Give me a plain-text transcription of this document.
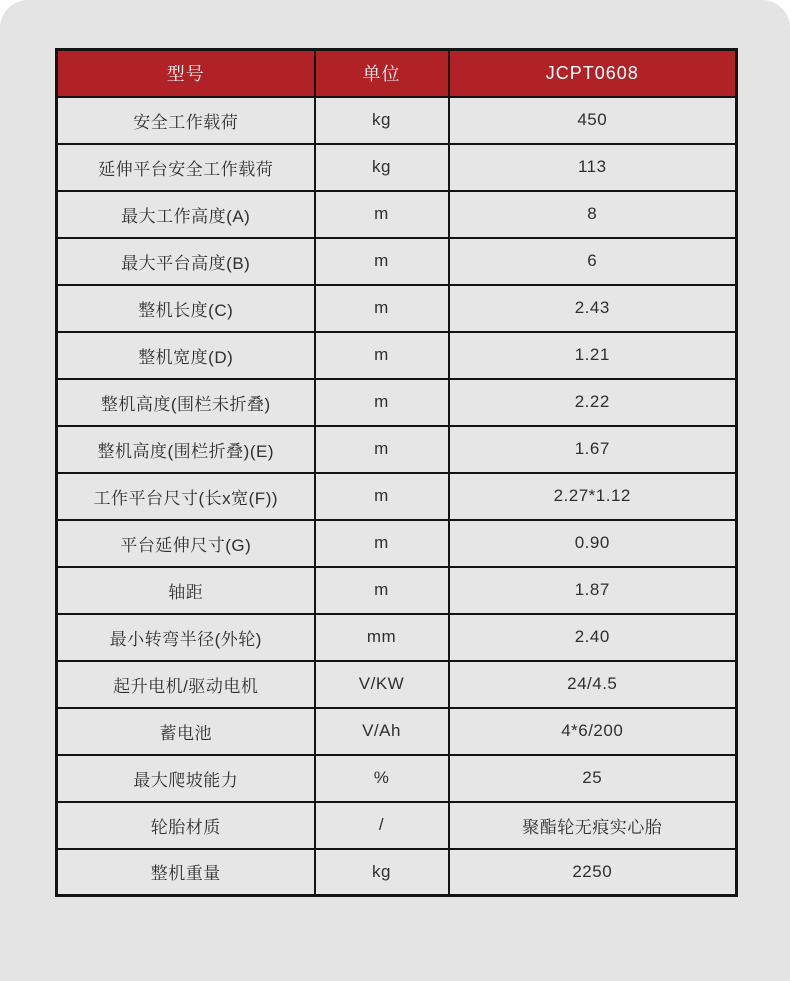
型号	单位	JCPT0608
安全工作载荷	kg	450
延伸平台安全工作载荷	kg	113
最大工作高度(A)	m	8
最大平台高度(B)	m	6
整机长度(C)	m	2.43
整机宽度(D)	m	1.21
整机高度(围栏未折叠)	m	2.22
整机高度(围栏折叠)(E)	m	1.67
工作平台尺寸(长x宽(F))	m	2.27*1.12
平台延伸尺寸(G)	m	0.90
轴距	m	1.87
最小转弯半径(外轮)	mm	2.40
起升电机/驱动电机	V/KW	24/4.5
蓄电池	V/Ah	4*6/200
最大爬坡能力	%	25
轮胎材质	/	聚酯轮无痕实心胎
整机重量	kg	2250
